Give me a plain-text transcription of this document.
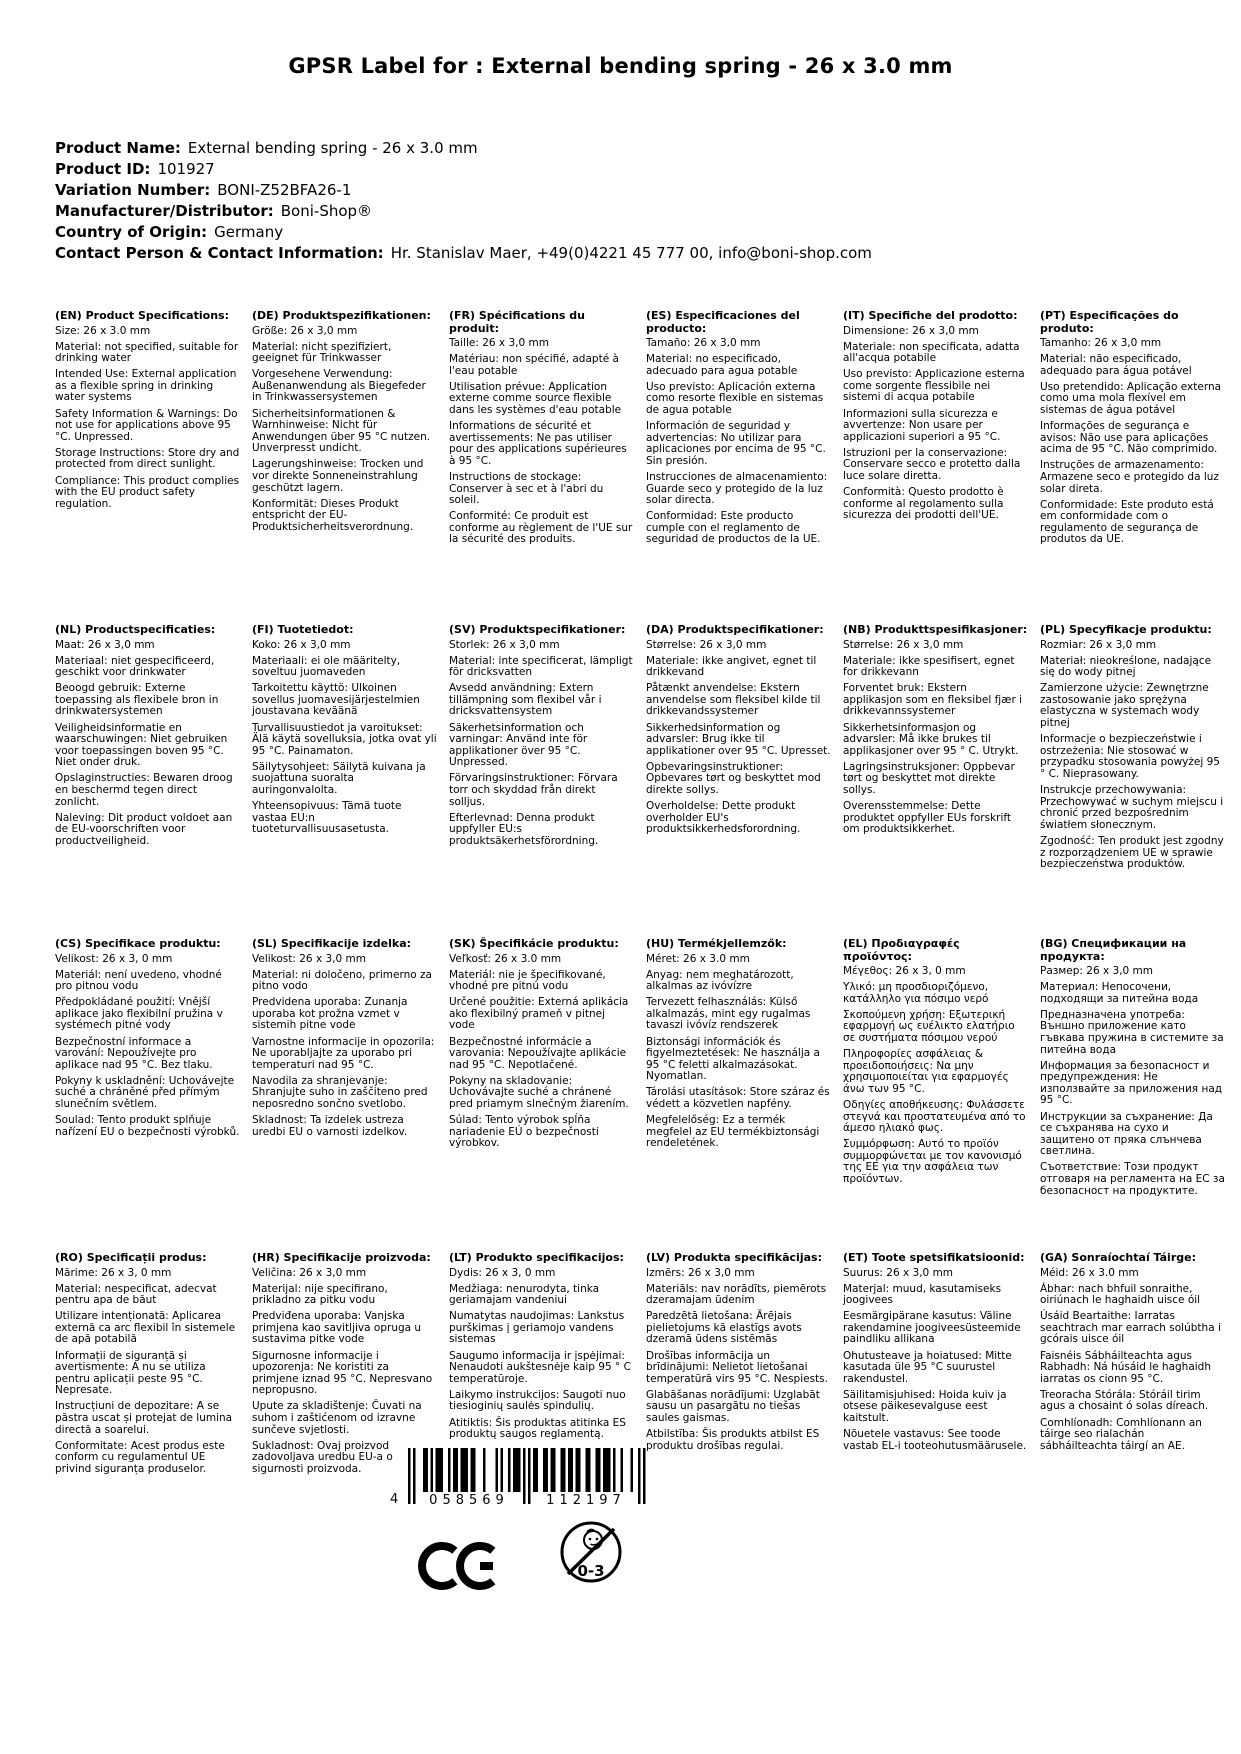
GPSR Label for : External bending spring - 26 x 3.0 mm
Product Name: External bending spring - 26 x 3.0 mm
Product ID: 101927
Variation Number: BONI-Z52BFA26-1
Manufacturer/Distributor: Boni-Shop®
Country of Origin: Germany
Contact Person & Contact Information: Hr. Stanislav Maer, +49(0)4221 45 777 00, info@boni-shop.com
(EN) Product Specifications:

Size: 26 x 3.0 mm

Material: not specified, suitable for drinking water

Intended Use: External application as a flexible spring in drinking water systems

Safety Information & Warnings: Do not use for applications above 95 °C. Unpressed.

Storage Instructions: Store dry and protected from direct sunlight.

Compliance: This product complies with the EU product safety regulation.

(DE) Produktspezifikationen:

Größe: 26 x 3,0 mm

Material: nicht spezifiziert, geeignet für Trinkwasser

Vorgesehene Verwendung: Außenanwendung als Biegefeder in Trinkwassersystemen

Sicherheitsinformationen & Warnhinweise: Nicht für Anwendungen über 95 °C nutzen. Unverpresst undicht.

Lagerungshinweise: Trocken und vor direkte Sonneneinstrahlung geschützt lagern.

Konformität: Dieses Produkt entspricht der EU-Produktsicherheitsverordnung.

(FR) Spécifications du produit:

Taille: 26 x 3,0 mm

Matériau: non spécifié, adapté à l'eau potable

Utilisation prévue: Application externe comme source flexible dans les systèmes d'eau potable

Informations de sécurité et avertissements: Ne pas utiliser pour des applications supérieures à 95 °C.

Instructions de stockage: Conserver à sec et à l'abri du soleil.

Conformité: Ce produit est conforme au règlement de l'UE sur la sécurité des produits.

(ES) Especificaciones del producto:

Tamaño: 26 x 3,0 mm

Material: no especificado, adecuado para agua potable

Uso previsto: Aplicación externa como resorte flexible en sistemas de agua potable

Información de seguridad y advertencias: No utilizar para aplicaciones por encima de 95 °C. Sin presión.

Instrucciones de almacenamiento: Guarde seco y protegido de la luz solar directa.

Conformidad: Este producto cumple con el reglamento de seguridad de productos de la UE.

(IT) Specifiche del prodotto:

Dimensione: 26 x 3,0 mm

Materiale: non specificata, adatta all'acqua potabile

Uso previsto: Applicazione esterna come sorgente flessibile nei sistemi di acqua potabile

Informazioni sulla sicurezza e avvertenze: Non usare per applicazioni superiori a 95 °C.

Istruzioni per la conservazione: Conservare secco e protetto dalla luce solare diretta.

Conformità: Questo prodotto è conforme al regolamento sulla sicurezza dei prodotti dell'UE.

(PT) Especificações do produto:

Tamanho: 26 x 3,0 mm

Material: não especificado, adequado para água potável

Uso pretendido: Aplicação externa como uma mola flexível em sistemas de água potável

Informações de segurança e avisos: Não use para aplicações acima de 95 °C. Não comprimido.

Instruções de armazenamento: Armazene seco e protegido da luz solar direta.

Conformidade: Este produto está em conformidade com o regulamento de segurança de produtos da UE.

(NL) Productspecificaties:

Maat: 26 x 3,0 mm

Materiaal: niet gespecificeerd, geschikt voor drinkwater

Beoogd gebruik: Externe toepassing als flexibele bron in drinkwatersystemen

Veiligheidsinformatie en waarschuwingen: Niet gebruiken voor toepassingen boven 95 °C. Niet onder druk.

Opslaginstructies: Bewaren droog en beschermd tegen direct zonlicht.

Naleving: Dit product voldoet aan de EU-voorschriften voor productveiligheid.

(FI) Tuotetiedot:

Koko: 26 x 3,0 mm

Materiaali: ei ole määritelty, soveltuu juomaveden

Tarkoitettu käyttö: Ulkoinen sovellus juomavesijärjestelmien joustavana keväänä

Turvallisuustiedot ja varoitukset: Älä käytä sovelluksia, jotka ovat yli 95 °C. Painamaton.

Säilytysohjeet: Säilytä kuivana ja suojattuna suoralta auringonvalolta.

Yhteensopivuus: Tämä tuote vastaa EU:n tuoteturvallisuusasetusta.

(SV) Produktspecifikationer:

Storlek: 26 x 3,0 mm

Material: inte specificerat, lämpligt för dricksvatten

Avsedd användning: Extern tillämpning som flexibel vår i dricksvattensystem

Säkerhetsinformation och varningar: Använd inte för applikationer över 95 °C. Unpressed.

Förvaringsinstruktioner: Förvara torr och skyddad från direkt solljus.

Efterlevnad: Denna produkt uppfyller EU:s produktsäkerhetsförordning.

(DA) Produktspecifikationer:

Størrelse: 26 x 3,0 mm

Materiale: ikke angivet, egnet til drikkevand

Påtænkt anvendelse: Ekstern anvendelse som fleksibel kilde til drikkevandssystemer

Sikkerhedsinformation og advarsler: Brug ikke til applikationer over 95 °C. Upresset.

Opbevaringsinstruktioner: Opbevares tørt og beskyttet mod direkte sollys.

Overholdelse: Dette produkt overholder EU's produktsikkerhedsforordning.

(NB) Produkttspesifikasjoner:

Størrelse: 26 x 3,0 mm

Materiale: ikke spesifisert, egnet for drikkevann

Forventet bruk: Ekstern applikasjon som en fleksibel fjær i drikkevannssystemer

Sikkerhetsinformasjon og advarsler: Må ikke brukes til applikasjoner over 95 ° C. Utrykt.

Lagringsinstruksjoner: Oppbevar tørt og beskyttet mot direkte sollys.

Overensstemmelse: Dette produktet oppfyller EUs forskrift om produktsikkerhet.

(PL) Specyfikacje produktu:

Rozmiar: 26 x 3,0 mm

Materiał: nieokreślone, nadające się do wody pitnej

Zamierzone użycie: Zewnętrzne zastosowanie jako sprężyna elastyczna w systemach wody pitnej

Informacje o bezpieczeństwie i ostrzeżenia: Nie stosować w przypadku stosowania powyżej 95 ° C. Nieprasowany.

Instrukcje przechowywania: Przechowywać w suchym miejscu i chronić przed bezpośrednim światłem słonecznym.

Zgodność: Ten produkt jest zgodny z rozporządzeniem UE w sprawie bezpieczeństwa produktów.

(CS) Specifikace produktu:

Velikost: 26 x 3, 0 mm

Materiál: není uvedeno, vhodné pro pitnou vodu

Předpokládané použití: Vnější aplikace jako flexibilní pružina v systémech pitné vody

Bezpečnostní informace a varování: Nepoužívejte pro aplikace nad 95 °C. Bez tlaku.

Pokyny k uskladnění: Uchovávejte suché a chráněné před přímým slunečním světlem.

Soulad: Tento produkt splňuje nařízení EU o bezpečnosti výrobků.

(SL) Specifikacije izdelka:

Velikost: 26 x 3,0 mm

Material: ni določeno, primerno za pitno vodo

Predvidena uporaba: Zunanja uporaba kot prožna vzmet v sistemih pitne vode

Varnostne informacije in opozorila: Ne uporabljajte za uporabo pri temperaturi nad 95 °C.

Navodila za shranjevanje: Shranjujte suho in zaščiteno pred neposredno sončno svetlobo.

Skladnost: Ta izdelek ustreza uredbi EU o varnosti izdelkov.

(SK) Špecifikácie produktu:

Veľkosť: 26 x 3.0 mm

Materiál: nie je špecifikované, vhodné pre pitnú vodu

Určené použitie: Externá aplikácia ako flexibilný prameň v pitnej vode

Bezpečnostné informácie a varovania: Nepoužívajte aplikácie nad 95 °C. Nepotlačené.

Pokyny na skladovanie: Uchovávajte suché a chránené pred priamym slnečným žiarením.

Súlad: Tento výrobok spĺňa nariadenie EÚ o bezpečnosti výrobkov.

(HU) Termékjellemzők:

Méret: 26 x 3.0 mm

Anyag: nem meghatározott, alkalmas az ivóvízre

Tervezett felhasználás: Külső alkalmazás, mint egy rugalmas tavaszi ivóvíz rendszerek

Biztonsági információk és figyelmeztetések: Ne használja a 95 °C feletti alkalmazásokat. Nyomatlan.

Tárolási utasítások: Store száraz és védett a közvetlen napfény.

Megfelelőség: Ez a termék megfelel az EU termékbiztonsági rendeletének.

(EL) Προδιαγραφές προϊόντος:

Μέγεθος: 26 x 3, 0 mm

Υλικό: μη προσδιοριζόμενο, κατάλληλο για πόσιμο νερό

Σκοπούμενη χρήση: Εξωτερική εφαρμογή ως ευέλικτο ελατήριο σε συστήματα πόσιμου νερού

Πληροφορίες ασφάλειας & προειδοποιήσεις: Να μην χρησιμοποιείται για εφαρμογές άνω των 95 °C.

Οδηγίες αποθήκευσης: Φυλάσσετε στεγνά και προστατευμένα από το άμεσο ηλιακό φως.

Συμμόρφωση: Αυτό το προϊόν συμμορφώνεται με τον κανονισμό της ΕΕ για την ασφάλεια των προϊόντων.

(BG) Спецификации на продукта:

Размер: 26 x 3,0 mm

Материал: Непосочени, подходящи за питейна вода

Предназначена употреба: Външно приложение като гъвкава пружина в системите за питейна вода

Информация за безопасност и предупреждения: Не използвайте за приложения над 95 °C.

Инструкции за съхранение: Да се съхранява на сухо и защитено от пряка слънчева светлина.

Съответствие: Този продукт отговаря на регламента на ЕС за безопасност на продуктите.

(RO) Specificații produs:

Mărime: 26 x 3, 0 mm

Material: nespecificat, adecvat pentru apa de băut

Utilizare intenționată: Aplicarea externă ca arc flexibil în sistemele de apă potabilă

Informații de siguranță și avertismente: A nu se utiliza pentru aplicații peste 95 °C. Nepresate.

Instrucțiuni de depozitare: A se păstra uscat și protejat de lumina directă a soarelui.

Conformitate: Acest produs este conform cu regulamentul UE privind siguranța produselor.

(HR) Specifikacije proizvoda:

Veličina: 26 x 3,0 mm

Materijal: nije specifirano, prikladno za pitku vodu

Predviđena uporaba: Vanjska primjena kao savitljiva opruga u sustavima pitke vode

Sigurnosne informacije i upozorenja: Ne koristiti za primjene iznad 95 °C. Nepresvano nepropusno.

Upute za skladištenje: Čuvati na suhom i zaštićenom od izravne sunčeve svjetlosti.

Sukladnost: Ovaj proizvod zadovoljava uredbu EU-a o sigurnosti proizvoda.

(LT) Produkto specifikacijos:

Dydis: 26 x 3, 0 mm

Medžiaga: nenurodyta, tinka geriamajam vandeniui

Numatytas naudojimas: Lankstus purškimas į geriamojo vandens sistemas

Saugumo informacija ir įspėjimai: Nenaudoti aukštesnėje kaip 95 ° C temperatūroje.

Laikymo instrukcijos: Saugoti nuo tiesioginių saulės spindulių.

Atitiktis: Šis produktas atitinka ES produktų saugos reglamentą.

(LV) Produkta specifikācijas:

Izmērs: 26 x 3,0 mm

Materiāls: nav norādīts, piemērots dzeramajam ūdenim

Paredzētā lietošana: Ārējais pielietojums kā elastīgs avots dzeramā ūdens sistēmās

Drošības informācija un brīdinājumi: Nelietot lietošanai temperatūrā virs 95 °C. Nespiests.

Glabāšanas norādījumi: Uzglabāt sausu un pasargātu no tiešas saules gaismas.

Atbilstība: Šis produkts atbilst ES produktu drošības regulai.

(ET) Toote spetsifikatsioonid:

Suurus: 26 x 3,0 mm

Materjal: muud, kasutamiseks joogivees

Eesmärgipärane kasutus: Väline rakendamine joogiveesüsteemide paindliku allikana

Ohutusteave ja hoiatused: Mitte kasutada üle 95 °C suurustel rakendustel.

Säilitamisjuhised: Hoida kuiv ja otsese päikesevalguse eest kaitstult.

Nõuetele vastavus: See toode vastab EL-i tooteohutusmäärusele.

(GA) Sonraíochtaí Táirge:

Méid: 26 x 3.0 mm

Ábhar: nach bhfuil sonraithe, oiriúnach le haghaidh uisce óil

Úsáid Beartaithe: Iarratas seachtrach mar earrach solúbtha i gcórais uisce óil

Faisnéis Sábháilteachta agus Rabhadh: Ná húsáid le haghaidh iarratas os cionn 95 °C.

Treoracha Stórála: Stóráil tirim agus a chosaint ó solas díreach.

Comhlíonadh: Comhlíonann an táirge seo rialachán sábháilteachta táirgí an AE.

4	058569	112197
0-3
